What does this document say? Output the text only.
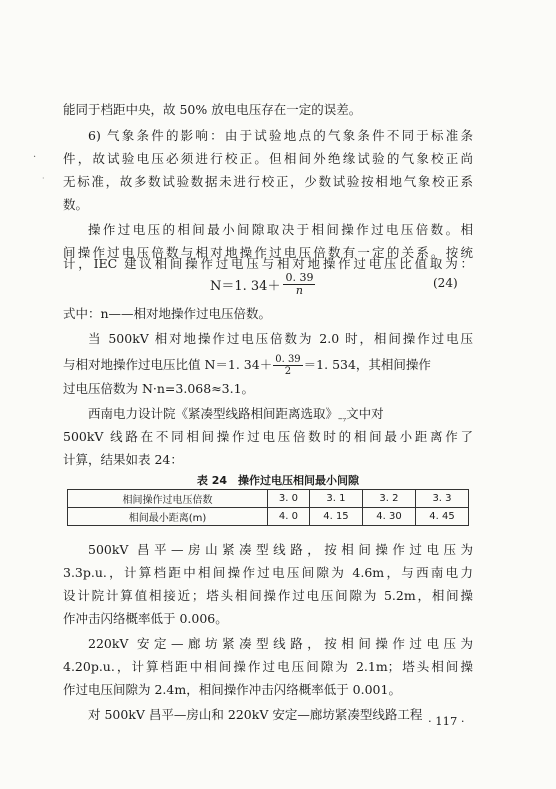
·
·
能同于档距中央，故 50% 放电电压存在一定的误差。
6) 气象条件的影响：由于试验地点的气象条件不同于标准条
件，故试验电压必须进行校正。但相间外绝缘试验的气象校正尚
无标准，故多数试验数据未进行校正，少数试验按相地气象校正系
数。
操作过电压的相间最小间隙取决于相间操作过电压倍数。相
间操作过电压倍数与相对地操作过电压倍数有一定的关系。按统
计，IEC 建议相间操作过电压与相对地操作过电压比值取为：
N＝1. $34+ \frac{0. 39}{n}$	(24)
式中：n——相对地操作过电压倍数。
当 500kV 相对地操作过电压倍数为 2.0 时，相间操作过电压
与相对地操作过电压比值 N＝1. $34+ \frac{0. 39}{2} =1$. 534，其相间操作
过电压倍数为 N·n=3.068≈3.1。
西南电力设计院《紧凑型线路相间距离选取》$_{-_7}$文中对
500kV 线路在不同相间操作过电压倍数时的相间最小距离作了
计算，结果如表 24：
表 24　操作过电压相间最小间隙
相间操作过电压倍数	3. 0	3. 1	3. 2	3. 3
相间最小距离(m)	4. 0	4. 15	4. 30	4. 45
500kV 昌平—房山紧凑型线路，按相间操作过电压为
3.3p.u.，计算档距中相间操作过电压间隙为 4.6m，与西南电力
设计院计算值相接近；塔头相间操作过电压间隙为 5.2m，相间操
作冲击闪络概率低于 0.006。
220kV 安定—廊坊紧凑型线路，按相间操作过电压为
4.20p.u.，计算档距中相间操作过电压间隙为 2.1m；塔头相间操
作过电压间隙为 2.4m，相间操作冲击闪络概率低于 0.001。
对 500kV 昌平—房山和 220kV 安定—廊坊紧凑型线路工程 · 117 ·
